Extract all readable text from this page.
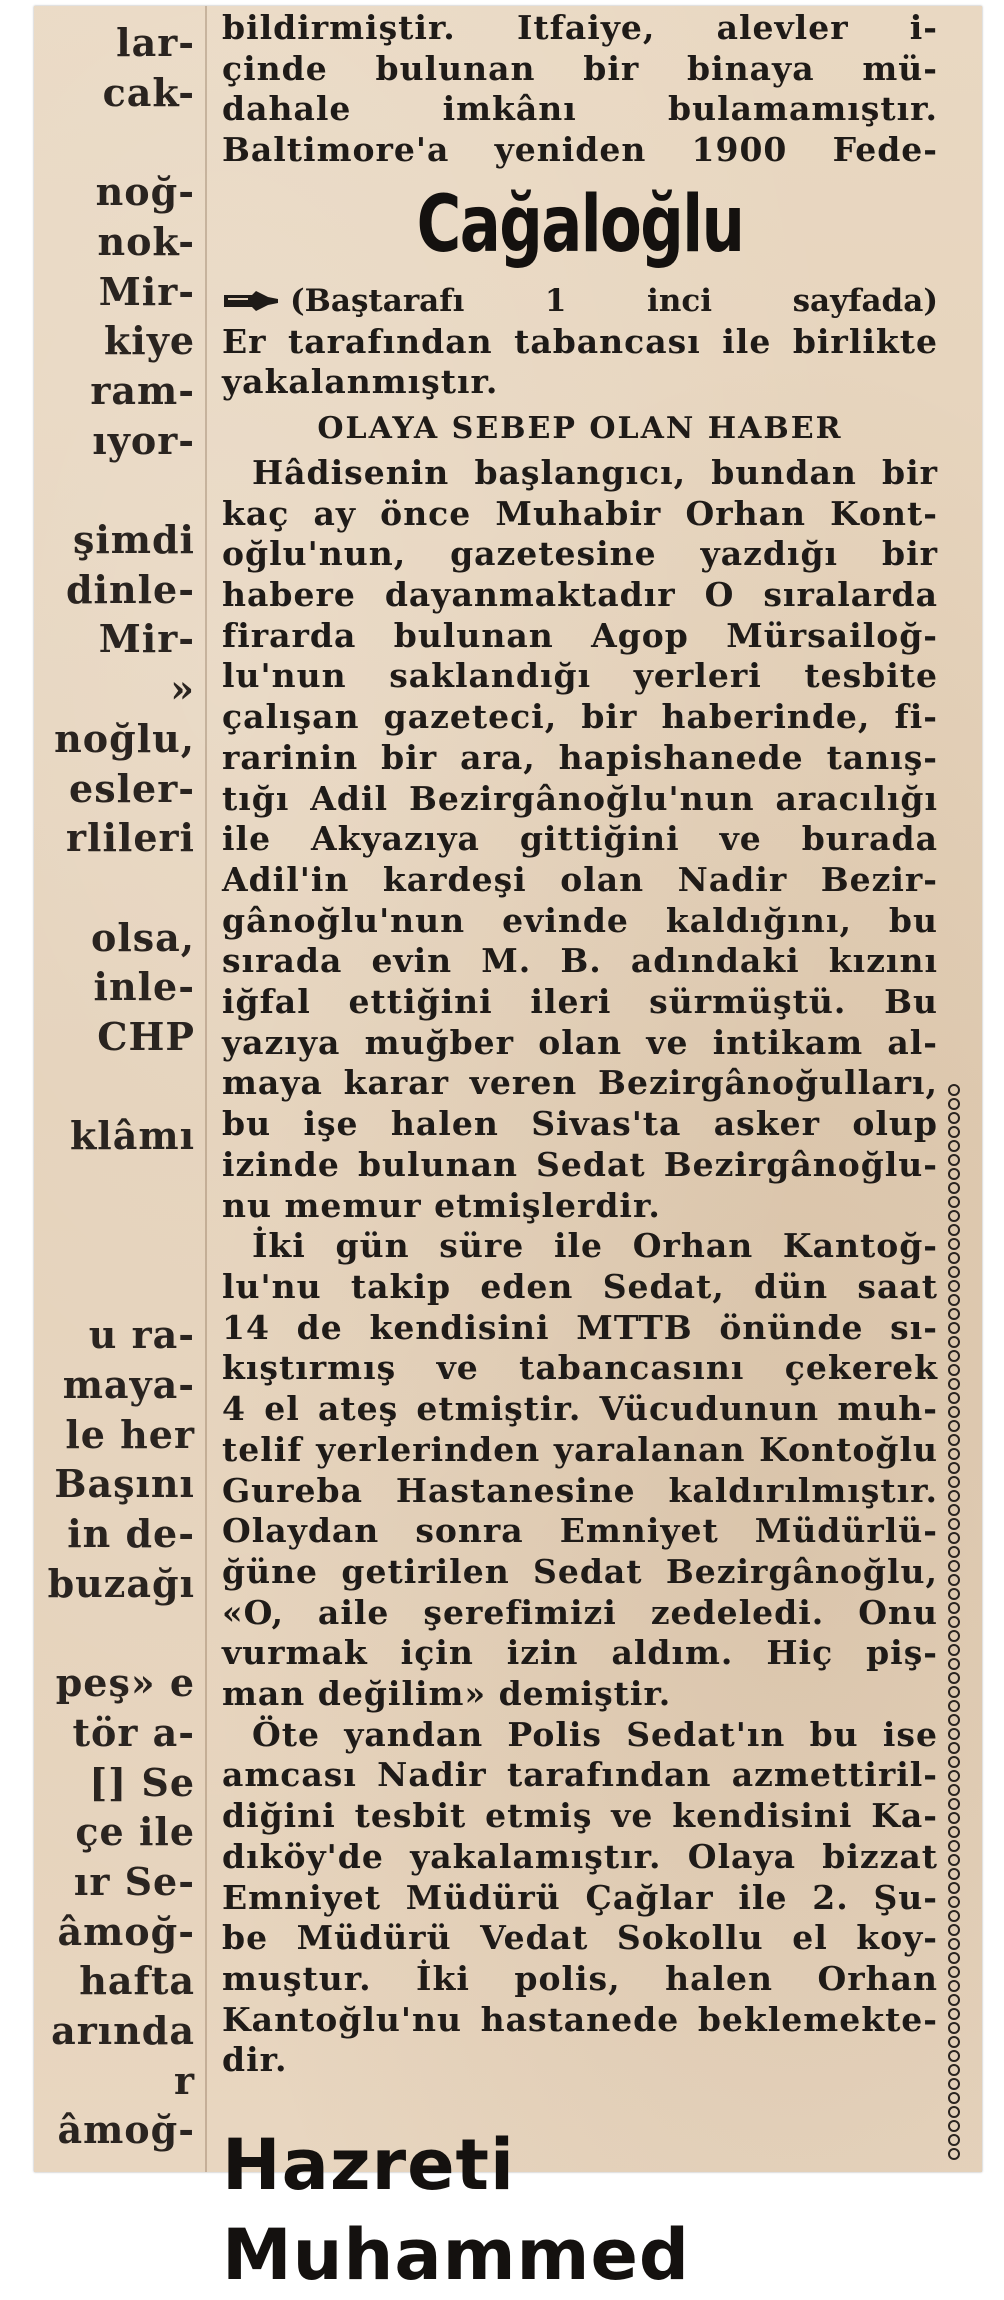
lar-
cak-
noğ-
nok-
Mir-
kiye
ram-
ıyor-
şimdi
dinle-
Mir-
»
noğlu,
esler-
rlileri
olsa,
inle-
CHP
klâmı
u ra-
maya-
le her
Başını
in de-
buzağı
peş» e
tör a-
[] Se
çe ile
ır Se-
âmoğ-
hafta
arında
r
âmoğ-
bildirmiştir. Itfaiye, alevler i-
çinde bulunan bir binaya mü-
dahale imkânı bulamamıştır.
Baltimore'a yeniden 1900 Fede-
Cağaloğlu
(Baştarafı 1 inci sayfada)
Er tarafından tabancası ile birlikte
yakalanmıştır.
OLAYA SEBEP OLAN HABER
Hâdisenin başlangıcı, bundan bir
kaç ay önce Muhabir Orhan Kont-
oğlu'nun, gazetesine yazdığı bir
habere dayanmaktadır O sıralarda
firarda bulunan Agop Mürsailoğ-
lu'nun saklandığı yerleri tesbite
çalışan gazeteci, bir haberinde, fi-
rarinin bir ara, hapishanede tanış-
tığı Adil Bezirgânoğlu'nun aracılığı
ile Akyazıya gittiğini ve burada
Adil'in kardeşi olan Nadir Bezir-
gânoğlu'nun evinde kaldığını, bu
sırada evin M. B. adındaki kızını
iğfal ettiğini ileri sürmüştü. Bu
yazıya muğber olan ve intikam al-
maya karar veren Bezirgânoğulları,
bu işe halen Sivas'ta asker olup
izinde bulunan Sedat Bezirgânoğlu-
nu memur etmişlerdir.
İki gün süre ile Orhan Kantoğ-
lu'nu takip eden Sedat, dün saat
14 de kendisini MTTB önünde sı-
kıştırmış ve tabancasını çekerek
4 el ateş etmiştir. Vücudunun muh-
telif yerlerinden yaralanan Kontoğlu
Gureba Hastanesine kaldırılmıştır.
Olaydan sonra Emniyet Müdürlü-
ğüne getirilen Sedat Bezirgânoğlu,
«O, aile şerefimizi zedeledi. Onu
vurmak için izin aldım. Hiç piş-
man değilim» demiştir.
Öte yandan Polis Sedat'ın bu ise
amcası Nadir tarafından azmettiril-
diğini tesbit etmiş ve kendisini Ka-
dıköy'de yakalamıştır. Olaya bizzat
Emniyet Müdürü Çağlar ile 2. Şu-
be Müdürü Vedat Sokollu el koy-
muştur. İki polis, halen Orhan
Kantoğlu'nu hastanede beklemekte-
dir.
Hazreti Muhammed
